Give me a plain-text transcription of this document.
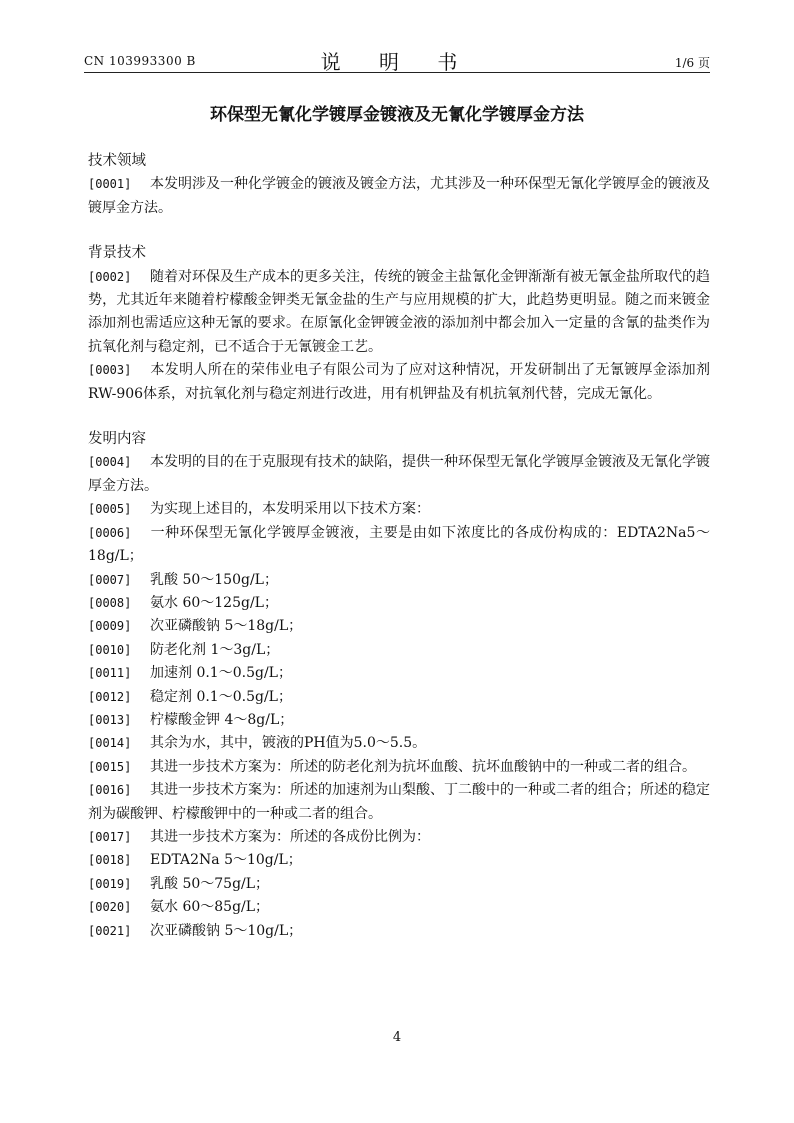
CN 103993300 B	说 明 书	1/6 页
环保型无氰化学镀厚金镀液及无氰化学镀厚金方法
技术领域
[0001] 本发明涉及一种化学镀金的镀液及镀金方法，尤其涉及一种环保型无氰化学镀厚金的镀液及镀厚金方法。
背景技术
[0002] 随着对环保及生产成本的更多关注，传统的镀金主盐氰化金钾渐渐有被无氰金盐所取代的趋势，尤其近年来随着柠檬酸金钾类无氰金盐的生产与应用规模的扩大，此趋势更明显。随之而来镀金添加剂也需适应这种无氰的要求。在原氰化金钾镀金液的添加剂中都会加入一定量的含氰的盐类作为抗氧化剂与稳定剂，已不适合于无氰镀金工艺。
[0003] 本发明人所在的荣伟业电子有限公司为了应对这种情况，开发研制出了无氰镀厚金添加剂RW-906体系，对抗氧化剂与稳定剂进行改进，用有机钾盐及有机抗氧剂代替，完成无氰化。
发明内容
[0004] 本发明的目的在于克服现有技术的缺陷，提供一种环保型无氰化学镀厚金镀液及无氰化学镀厚金方法。
[0005] 为实现上述目的，本发明采用以下技术方案：
[0006] 一种环保型无氰化学镀厚金镀液，主要是由如下浓度比的各成份构成的：EDTA2Na5～18g/L；
[0007] 乳酸 50～150g/L；
[0008] 氨水 60～125g/L；
[0009] 次亚磷酸钠 5～18g/L；
[0010] 防老化剂 1～3g/L；
[0011] 加速剂 0.1～0.5g/L；
[0012] 稳定剂 0.1～0.5g/L；
[0013] 柠檬酸金钾 4～8g/L；
[0014] 其余为水，其中，镀液的PH值为5.0～5.5。
[0015] 其进一步技术方案为：所述的防老化剂为抗坏血酸、抗坏血酸钠中的一种或二者的组合。
[0016] 其进一步技术方案为：所述的加速剂为山梨酸、丁二酸中的一种或二者的组合；所述的稳定剂为碳酸钾、柠檬酸钾中的一种或二者的组合。
[0017] 其进一步技术方案为：所述的各成份比例为：
[0018] EDTA2Na 5～10g/L；
[0019] 乳酸 50～75g/L；
[0020] 氨水 60～85g/L；
[0021] 次亚磷酸钠 5～10g/L；
4
